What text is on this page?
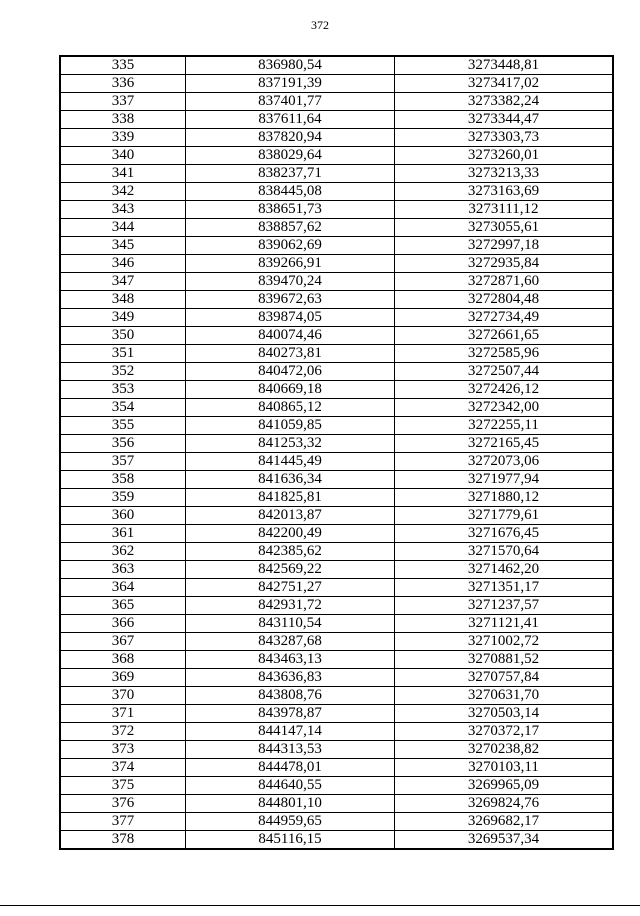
372
335	836980,54	3273448,81
336	837191,39	3273417,02
337	837401,77	3273382,24
338	837611,64	3273344,47
339	837820,94	3273303,73
340	838029,64	3273260,01
341	838237,71	3273213,33
342	838445,08	3273163,69
343	838651,73	3273111,12
344	838857,62	3273055,61
345	839062,69	3272997,18
346	839266,91	3272935,84
347	839470,24	3272871,60
348	839672,63	3272804,48
349	839874,05	3272734,49
350	840074,46	3272661,65
351	840273,81	3272585,96
352	840472,06	3272507,44
353	840669,18	3272426,12
354	840865,12	3272342,00
355	841059,85	3272255,11
356	841253,32	3272165,45
357	841445,49	3272073,06
358	841636,34	3271977,94
359	841825,81	3271880,12
360	842013,87	3271779,61
361	842200,49	3271676,45
362	842385,62	3271570,64
363	842569,22	3271462,20
364	842751,27	3271351,17
365	842931,72	3271237,57
366	843110,54	3271121,41
367	843287,68	3271002,72
368	843463,13	3270881,52
369	843636,83	3270757,84
370	843808,76	3270631,70
371	843978,87	3270503,14
372	844147,14	3270372,17
373	844313,53	3270238,82
374	844478,01	3270103,11
375	844640,55	3269965,09
376	844801,10	3269824,76
377	844959,65	3269682,17
378	845116,15	3269537,34
